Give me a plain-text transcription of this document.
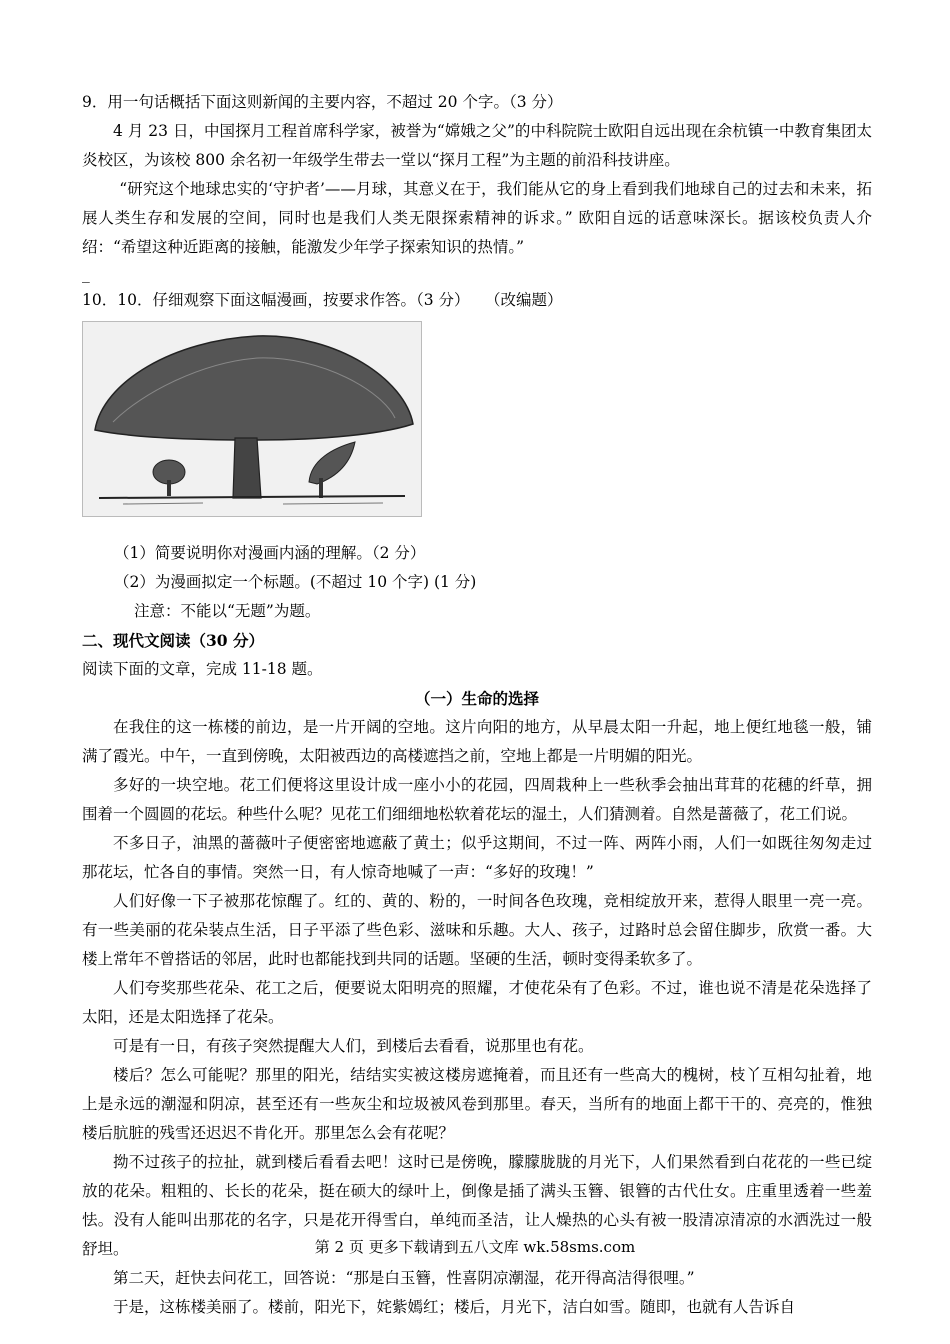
9．用一句话概括下面这则新闻的主要内容，不超过 20 个字。（3 分）

4 月 23 日，中国探月工程首席科学家，被誉为“嫦娥之父”的中科院院士欧阳自远出现在余杭镇一中教育集团太炎校区，为该校 800 余名初一年级学生带去一堂以“探月工程”为主题的前沿科技讲座。

“研究这个地球忠实的‘守护者’——月球，其意义在于，我们能从它的身上看到我们地球自己的过去和未来，拓展人类生存和发展的空间，同时也是我们人类无限探索精神的诉求。” 欧阳自远的话意味深长。据该校负责人介绍：“希望这种近距离的接触，能激发少年学子探索知识的热情。”

_

10．10．仔细观察下面这幅漫画，按要求作答。（3 分）　　（改编题）

（1）简要说明你对漫画内涵的理解。（2 分）

（2）为漫画拟定一个标题。(不超过 10 个字) (1 分)

注意：不能以“无题”为题。

二、现代文阅读（30 分）

阅读下面的文章，完成 11-18 题。

（一）生命的选择

在我住的这一栋楼的前边，是一片开阔的空地。这片向阳的地方，从早晨太阳一升起，地上便红地毯一般，铺满了霞光。中午，一直到傍晚，太阳被西边的高楼遮挡之前，空地上都是一片明媚的阳光。

多好的一块空地。花工们便将这里设计成一座小小的花园，四周栽种上一些秋季会抽出茸茸的花穗的纤草，拥围着一个圆圆的花坛。种些什么呢？见花工们细细地松软着花坛的湿土，人们猜测着。自然是蔷薇了，花工们说。

不多日子，油黑的蔷薇叶子便密密地遮蔽了黄土；似乎这期间，不过一阵、两阵小雨，人们一如既往匆匆走过那花坛，忙各自的事情。突然一日，有人惊奇地喊了一声：“多好的玫瑰！”

人们好像一下子被那花惊醒了。红的、黄的、粉的，一时间各色玫瑰，竞相绽放开来，惹得人眼里一亮一亮。有一些美丽的花朵装点生活，日子平添了些色彩、滋味和乐趣。大人、孩子，过路时总会留住脚步，欣赏一番。大楼上常年不曾搭话的邻居，此时也都能找到共同的话题。坚硬的生活，顿时变得柔软多了。

人们夸奖那些花朵、花工之后，便要说太阳明亮的照耀，才使花朵有了色彩。不过，谁也说不清是花朵选择了太阳，还是太阳选择了花朵。

可是有一日，有孩子突然提醒大人们，到楼后去看看，说那里也有花。

楼后？怎么可能呢？那里的阳光，结结实实被这楼房遮掩着，而且还有一些高大的槐树，枝丫互相勾扯着，地上是永远的潮湿和阴凉，甚至还有一些灰尘和垃圾被风卷到那里。春天，当所有的地面上都干干的、亮亮的，惟独楼后肮脏的残雪还迟迟不肯化开。那里怎么会有花呢？

拗不过孩子的拉扯，就到楼后看看去吧！这时已是傍晚，朦朦胧胧的月光下，人们果然看到白花花的一些已绽放的花朵。粗粗的、长长的花朵，挺在硕大的绿叶上，倒像是插了满头玉簪、银簪的古代仕女。庄重里透着一些羞怯。没有人能叫出那花的名字，只是花开得雪白，单纯而圣洁，让人燥热的心头有被一股清凉清凉的水洒洗过一般舒坦。

第二天，赶快去问花工，回答说：“那是白玉簪，性喜阴凉潮湿，花开得高洁得很哩。”

于是，这栋楼美丽了。楼前，阳光下，姹紫嫣红；楼后，月光下，洁白如雪。随即，也就有人告诉自

第 2 页 更多下载请到五八文库 wk.58sms.com
